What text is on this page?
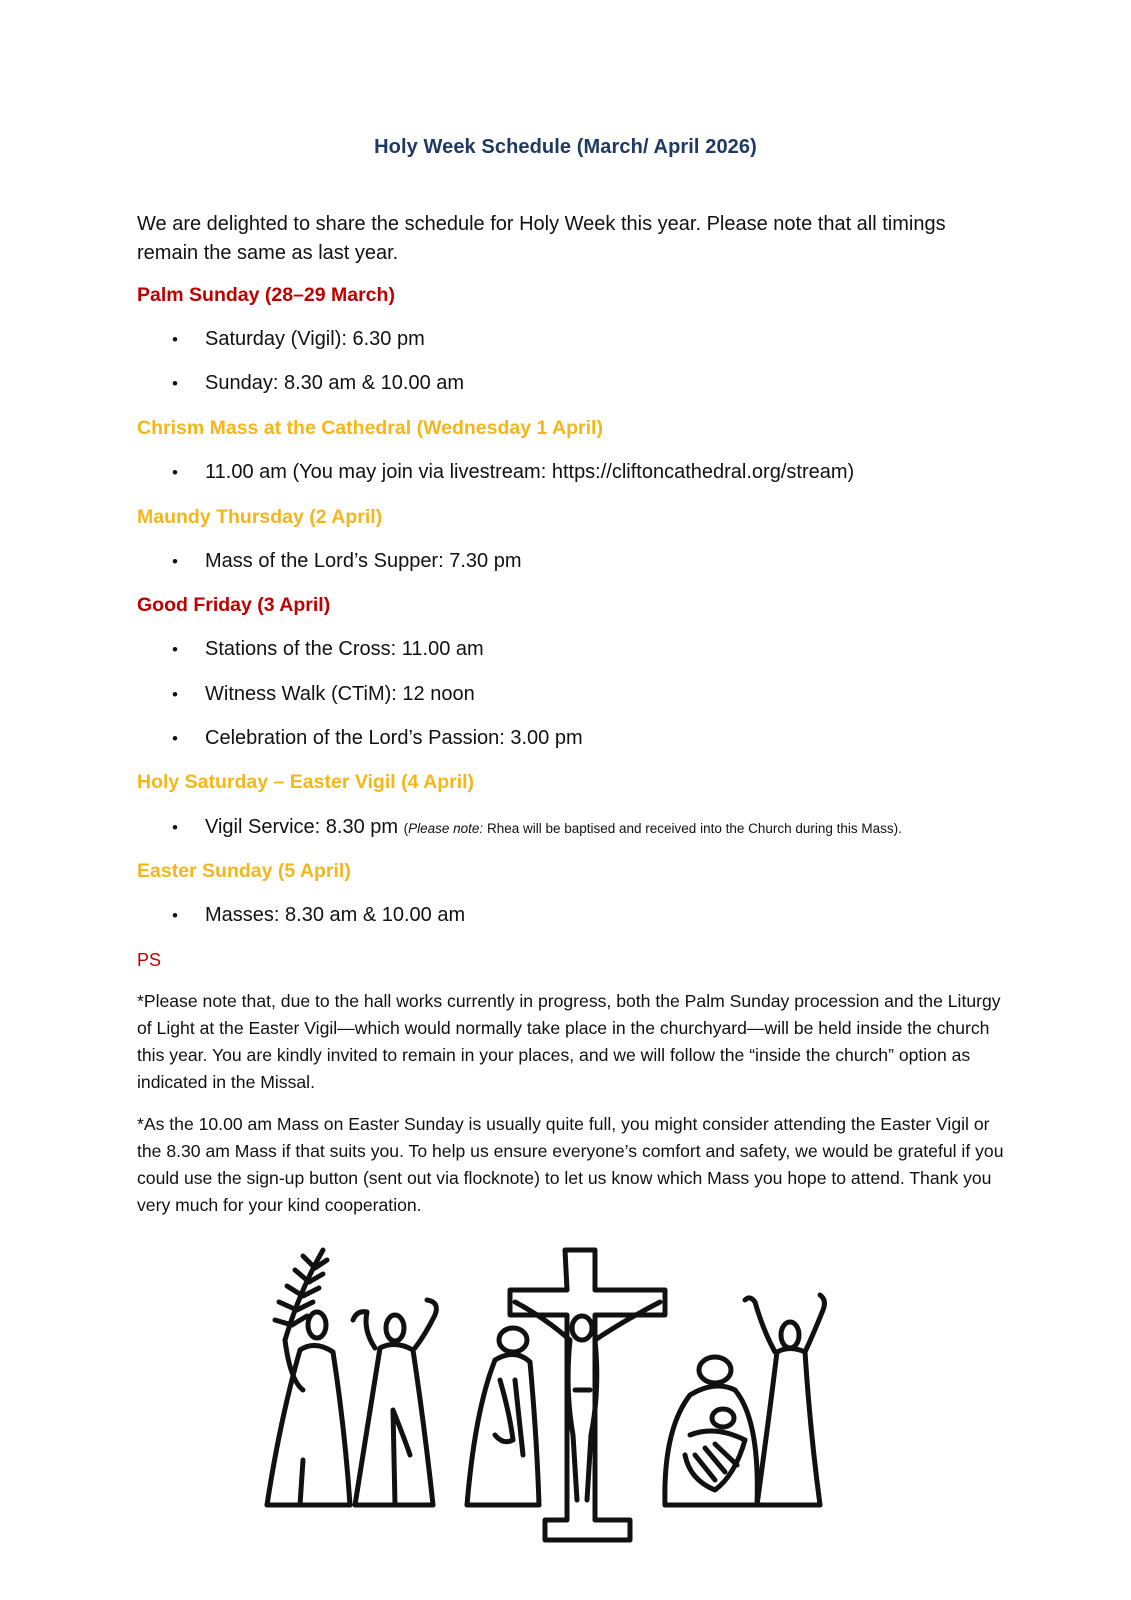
Holy Week Schedule (March/ April 2026)
We are delighted to share the schedule for Holy Week this year. Please note that all timings remain the same as last year.
Palm Sunday (28–29 March)
• Saturday (Vigil): 6.30 pm
• Sunday: 8.30 am & 10.00 am
Chrism Mass at the Cathedral (Wednesday 1 April)
• 11.00 am (You may join via livestream: https://cliftoncathedral.org/stream)
Maundy Thursday (2 April)
• Mass of the Lord’s Supper: 7.30 pm
Good Friday (3 April)
• Stations of the Cross: 11.00 am
• Witness Walk (CTiM): 12 noon
• Celebration of the Lord’s Passion: 3.00 pm
Holy Saturday – Easter Vigil (4 April)
• Vigil Service: 8.30 pm (Please note: Rhea will be baptised and received into the Church during this Mass).
Easter Sunday (5 April)
• Masses: 8.30 am & 10.00 am
PS
*Please note that, due to the hall works currently in progress, both the Palm Sunday procession and the Liturgy of Light at the Easter Vigil—which would normally take place in the churchyard—will be held inside the church this year. You are kindly invited to remain in your places, and we will follow the “inside the church” option as indicated in the Missal.
*As the 10.00 am Mass on Easter Sunday is usually quite full, you might consider attending the Easter Vigil or the 8.30 am Mass if that suits you. To help us ensure everyone’s comfort and safety, we would be grateful if you could use the sign-up button (sent out via flocknote) to let us know which Mass you hope to attend. Thank you very much for your kind cooperation.
